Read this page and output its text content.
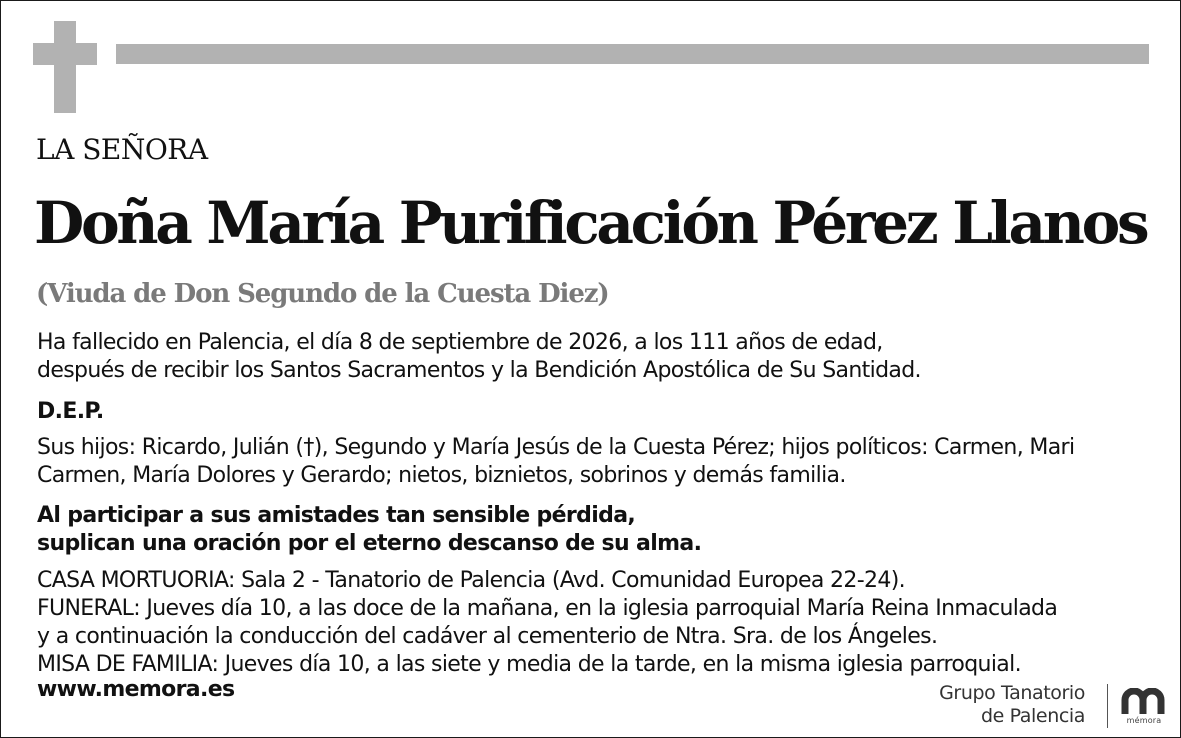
LA SEÑORA
Doña María Purificación Pérez Llanos
(Viuda de Don Segundo de la Cuesta Diez)
Ha fallecido en Palencia, el día 8 de septiembre de 2026, a los 111 años de edad,
después de recibir los Santos Sacramentos y la Bendición Apostólica de Su Santidad.
D.E.P.
Sus hijos: Ricardo, Julián (†), Segundo y María Jesús de la Cuesta Pérez; hijos políticos: Carmen, Mari
Carmen, María Dolores y Gerardo; nietos, biznietos, sobrinos y demás familia.
Al participar a sus amistades tan sensible pérdida,
suplican una oración por el eterno descanso de su alma.
CASA MORTUORIA: Sala 2 - Tanatorio de Palencia (Avd. Comunidad Europea 22-24).
FUNERAL: Jueves día 10, a las doce de la mañana, en la iglesia parroquial María Reina Inmaculada
y a continuación la conducción del cadáver al cementerio de Ntra. Sra. de los Ángeles.
MISA DE FAMILIA: Jueves día 10, a las siete y media de la tarde, en la misma iglesia parroquial.
www.memora.es	Grupo Tanatorio
de Palencia	mémora
